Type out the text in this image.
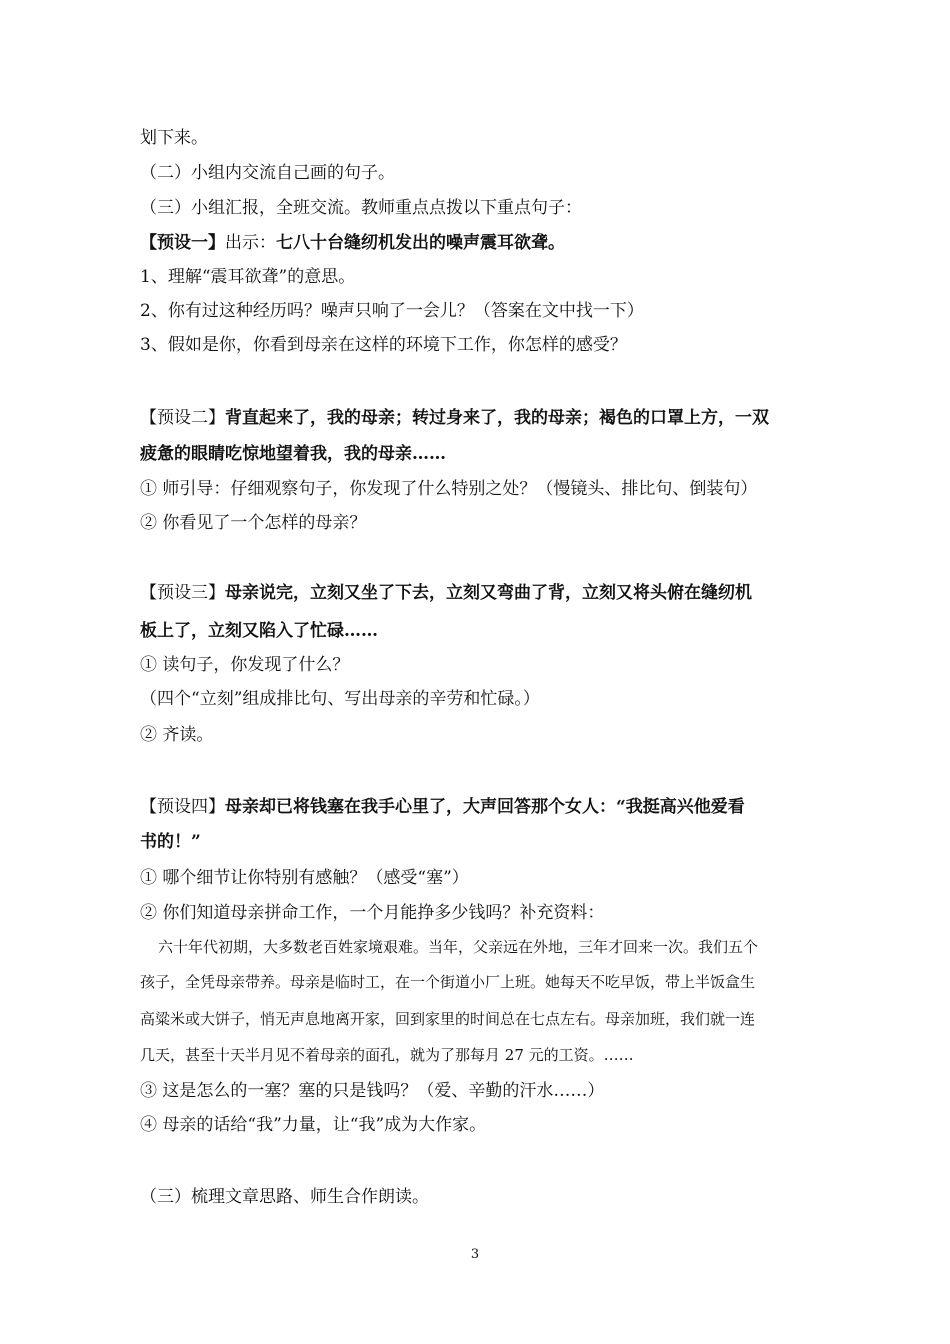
划下来。
（二）小组内交流自己画的句子。
（三）小组汇报，全班交流。教师重点点拨以下重点句子：
【预设一】出示：七八十台缝纫机发出的噪声震耳欲聋。
1、理解“震耳欲聋”的意思。
2、你有过这种经历吗？噪声只响了一会儿？（答案在文中找一下）
3、假如是你，你看到母亲在这样的环境下工作，你怎样的感受？
【预设二】背直起来了，我的母亲；转过身来了，我的母亲；褐色的口罩上方，一双
疲惫的眼睛吃惊地望着我，我的母亲……
① 师引导：仔细观察句子，你发现了什么特别之处？（慢镜头、排比句、倒装句）
② 你看见了一个怎样的母亲？
【预设三】母亲说完，立刻又坐了下去，立刻又弯曲了背，立刻又将头俯在缝纫机
板上了，立刻又陷入了忙碌……
① 读句子，你发现了什么？
（四个“立刻”组成排比句、写出母亲的辛劳和忙碌。）
② 齐读。
【预设四】母亲却已将钱塞在我手心里了，大声回答那个女人：“我挺高兴他爱看
书的！”
① 哪个细节让你特别有感触？（感受“塞”）
② 你们知道母亲拼命工作，一个月能挣多少钱吗？补充资料：
六十年代初期，大多数老百姓家境艰难。当年，父亲远在外地，三年才回来一次。我们五个
孩子，全凭母亲带养。母亲是临时工，在一个街道小厂上班。她每天不吃早饭，带上半饭盒生
高粱米或大饼子，悄无声息地离开家，回到家里的时间总在七点左右。母亲加班，我们就一连
几天，甚至十天半月见不着母亲的面孔，就为了那每月 27 元的工资。……
③ 这是怎么的一塞？塞的只是钱吗？（爱、辛勤的汗水……）
④ 母亲的话给“我”力量，让“我”成为大作家。
（三）梳理文章思路、师生合作朗读。
3
